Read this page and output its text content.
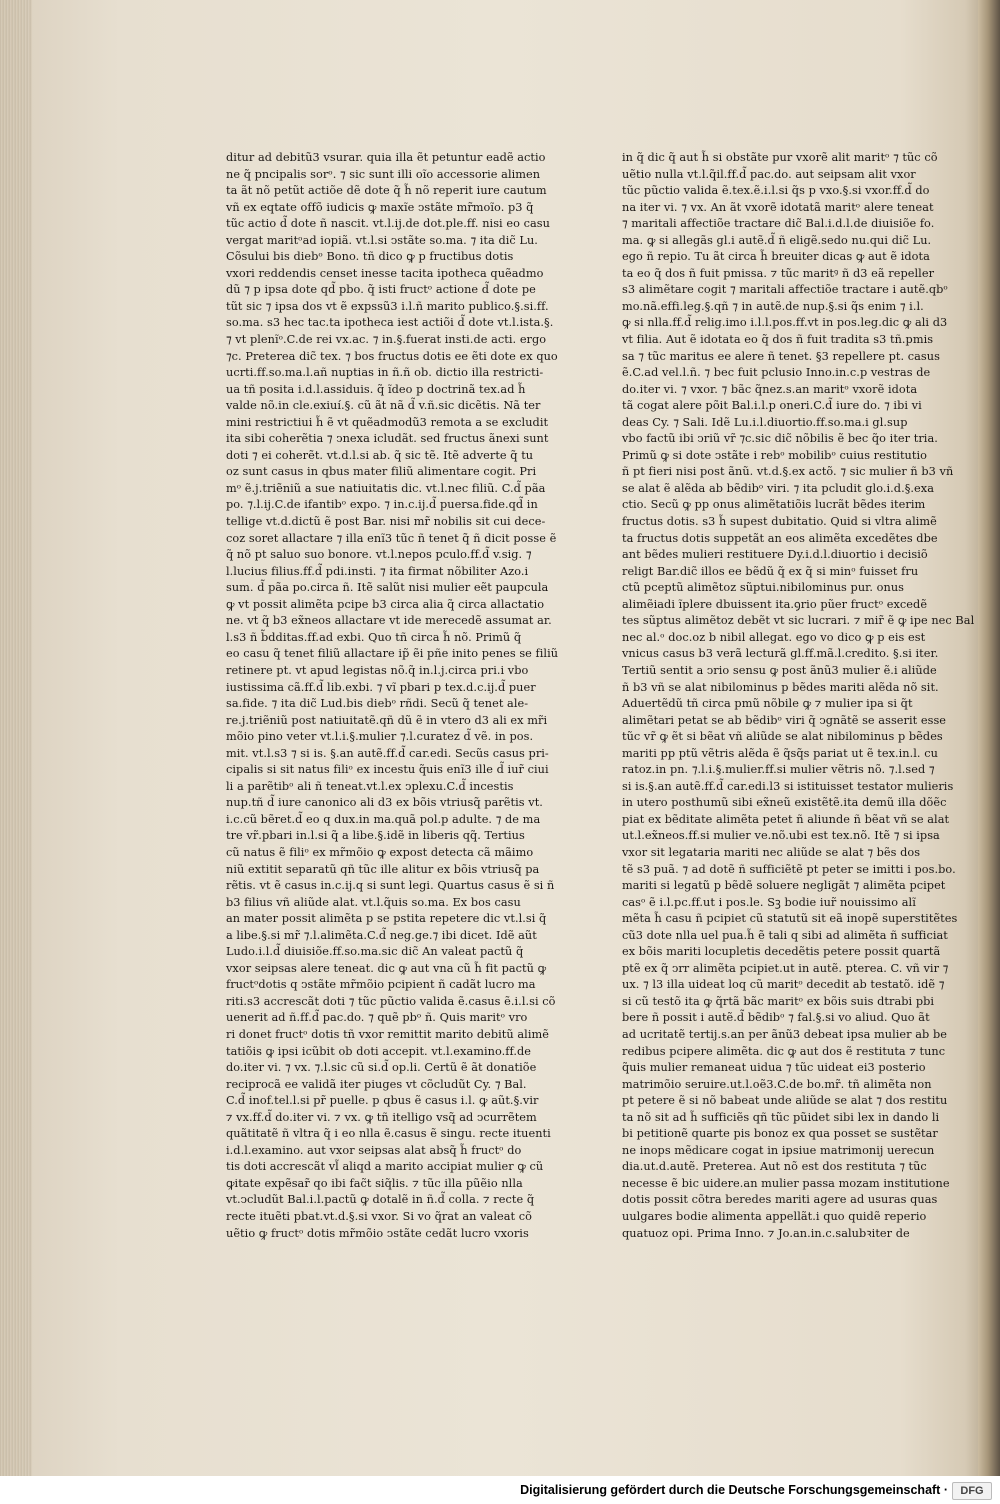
ditur ad debitũ3 vsurar. quia illa ẽt petuntur eadẽ actio
ne q̃ pncipalis sorᵒ. ⁊ sic sunt illi oĩo accessorie alimen
ta ãt nõ petũt actiõe dẽ dote q̃ h̃ nõ reperit iure cautum
vñ ex eqtate offõ iudicis ꝙ maxĩe ↄstãte mr̃moĩo. p3 q̃
tũc actio d̃ dote ñ nascit. vt.l.ij.de dot.ple.ff. nisi eo casu
vergat maritᵒad iopiã. vt.l.si ↄstãte so.ma. ⁊ ita dic̃ Lu.
Cõsului bis diebᵒ Bono. tñ dico ꝙ p fructibus dotis
vxori reddendis censet inesse tacita ipotheca quẽadmo
dũ ⁊ p ipsa dote qd̃ pbo. q̃ isti fructᵒ actione d̃ dote pe
tũt sic ⁊ ipsa dos vt ẽ expssũ3 i.l.ñ marito publico.§.si.ff.
so.ma. s3 hec tac.ta ipotheca iest actiõi d̃ dote vt.l.ista.§.
⁊ vt plenĩᵒ.C.de rei vx.ac. ⁊ in.§.fuerat insti.de acti. ergo
⁊c. Preterea dic̃ tex. ⁊ bos fructus dotis ee ẽti dote ex quo
ucrti.ff.so.ma.l.añ nuptias in ñ.ñ ob. dictio illa restricti-
ua tñ posita i.d.l.assiduis. q̃ ĩdeo p doctrinã tex.ad h̃
valde nõ.in cle.exiuí.§. cũ ãt nã d̃ v.ñ.sic dicẽtis. Nã ter
mini restrictiui h̃ ẽ vt quẽadmodũ3 remota a se excludit
ita sibi coherẽtia ⁊ ↄnexa icludãt. sed fructus ãnexi sunt
doti ⁊ ei coherẽt. vt.d.l.si ab. q̃ sic tẽ. Itẽ adverte q̃ tu
oz sunt casus in qbus mater filiũ alimentare cogit. Pri
mᵒ ẽ.j.triẽniũ a sue natiuitatis dic. vt.l.nec filiũ. C.d̃ pãa
po. ⁊.l.ij.C.de ifantibᵒ expo. ⁊ in.c.ij.d̃ puersa.fide.qd̃ in
tellige vt.d.dictũ ẽ post Bar. nisi mr̃ nobilis sit cui dece-
coz soret allactare ⁊ illa enĩ3 tũc ñ tenet q̃ ñ dicit posse ẽ
q̃ nõ pt saluo suo bonore. vt.l.nepos pculo.ff.d̃ v.sig. ⁊
l.lucius filius.ff.d̃ pdi.insti. ⁊ ita firmat nõbiliter Azo.i
sum. d̃ pãa po.circa ñ. Itẽ salũt nisi mulier eẽt paupcula
ꝙ vt possit alimẽta pcipe b3 circa alia q̃ circa allactatio
ne. vt q̃ b3 ex̃neos allactare vt ide merecedẽ assumat ar.
l.s3 ñ b̃dditas.ff.ad exbi. Quo tñ circa h̃ nõ. Primũ q̃
eo casu q̃ tenet filiũ allactare ip̃ ẽi pñe inito penes se filiũ
retinere pt. vt apud legistas nõ.q̃ in.l.j.circa pri.i vbo
iustissima cã.ff.d̃ lib.exbi. ⁊ vĩ pbari p tex.d.c.ij.d̃ puer
sa.fide. ⁊ ita dic̃ Lud.bis diebᵒ rñdi. Secũ q̃ tenet ale-
re.j.triẽniũ post natiuitatẽ.qñ dũ ẽ in vtero d3 ali ex mr̃i
mõio pino veter vt.l.i.§.mulier ⁊.l.curatez d̃ vẽ. in pos.
mit. vt.l.s3 ⁊ si is. §.an autẽ.ff.d̃ car.edi. Secũs casus pri-
cipalis si sit natus filiᵒ ex incestu q̃uis enĩ3 ille d̃ iur̃ ciui
li a parẽtibᵒ ali ñ teneat.vt.l.ex ↄplexu.C.d̃ incestis
nup.tñ d̃ iure canonico ali d3 ex bõis vtriusq̃ parẽtis vt.
i.c.cũ bẽret.d̃ eo q dux.in ma.quã pol.p adulte. ⁊ de ma
tre vr̃.pbari in.l.si q̃ a libe.§.idẽ in liberis qq̃. Tertius
cũ natus ẽ filiᵒ ex mr̃mõio ꝙ expost detecta cã mãimo
niũ extitit separatũ qñ tũc ille alitur ex bõis vtriusq̃ pa
rẽtis. vt ẽ casus in.c.ij.q si sunt legi. Quartus casus ẽ si ñ
b3 filius vñ aliũde alat. vt.l.q̃uis so.ma. Ex bos casu
an mater possit alimẽta p se pstita repetere dic vt.l.si q̃
a libe.§.si mr̃ ⁊.l.alimẽta.C.d̃ neg.ge.⁊ ibi dicet. Idẽ aũt
Ludo.i.l.d̃ diuisiõe.ff.so.ma.sic dic̃ An valeat pactũ q̃
vxor seipsas alere teneat. dic ꝙ aut vna cũ h̃ fit pactũ ꝙ
fructᵒdotis q ↄstãte mr̃mõio pcipient ñ cadãt lucro ma
riti.s3 accrescãt doti ⁊ tũc pũctio valida ẽ.casus ẽ.i.l.si cõ
uenerit ad ñ.ff.d̃ pac.do. ⁊ quẽ pbᵒ ñ. Quis maritᵒ vro
ri donet fructᵒ dotis tñ vxor remittit marito debitũ alimẽ
tatiõis ꝙ ipsi icũbit ob doti accepit. vt.l.examino.ff.de
do.iter vi. ⁊ vx. ⁊.l.sic cũ si.d̃ op.li. Certũ ẽ ãt donatiõe
reciprocã ee validã iter piuges vt cõcludũt Cy. ⁊ Bal.
C.d̃ inof.tel.l.si pr̃ puelle. p qbus ẽ casus i.l. ꝙ aũt.§.vir
⁊ vx.ff.d̃ do.iter vi. ⁊ vx. ꝙ tñ itelligo vsq̃ ad ↄcurrẽtem
quãtitatẽ ñ vltra q̃ i eo nlla ẽ.casus ẽ singu. recte ituenti
i.d.l.examino. aut vxor seipsas alat absq̃ h̃ fructᵒ do
tis doti accrescãt vl̃ aliqd a marito accipiat mulier ꝙ cũ
ꝙitate expẽsar̃ qo ibi fac̃t siq̃lis. ⁊ tũc illa pũẽio nlla
vt.ↄcludũt Bal.i.l.pactũ ꝙ dotalẽ in ñ.d̃ colla. ⁊ recte q̃
recte ituẽti pbat.vt.d.§.si vxor. Si vo q̃rat an valeat cõ
uẽtio ꝙ fructᵒ dotis mr̃mõio ↄstãte cedãt lucro vxoris
in q̃ dic q̃ aut h̃ si obstãte pur vxorẽ alit maritᵒ ⁊ tũc cõ
uẽtio nulla vt.l.q̃il.ff.d̃ pac.do. aut seipsam alit vxor
tũc pũctio valida ẽ.tex.ẽ.i.l.si q̃s p vxo.§.si vxor.ff.d̃ do
na iter vi. ⁊ vx. An ãt vxorẽ idotatã maritᵒ alere teneat
⁊ maritali affectiõe tractare dic̃ Bal.i.d.l.de diuisiõe fo.
ma. ꝙ si allegãs gl.i autẽ.d̃ ñ eligẽ.sedo nu.qui dic̃ Lu.
ego ñ repio. Tu ãt circa h̃ breuiter dicas ꝙ aut ẽ idota
ta eo q̃ dos ñ fuit pmissa. ⁊ tũc maritꝰ ñ d3 eã repeller
s3 alimẽtare cogit ⁊ maritali affectiõe tractare i autẽ.qbᵒ
mo.nã.effi.leg.§.qñ ⁊ in autẽ.de nup.§.si q̃s enim ⁊ i.l.
ꝙ si nlla.ff.d̃ relig.imo i.l.l.pos.ff.vt in pos.leg.dic ꝙ ali d3
vt filia. Aut ẽ idotata eo q̃ dos ñ fuit tradita s3 tñ.pmis
sa ⁊ tũc maritus ee alere ñ tenet. §3 repellere pt. casus
ẽ.C.ad vel.l.ñ. ⁊ bec fuit pclusio Inno.in.c.p vestras de
do.iter vi. ⁊ vxor. ⁊ bãc q̃nez.s.an maritᵒ vxorẽ idota
tã cogat alere põit Bal.i.l.p oneri.C.d̃ iure do. ⁊ ibi vi
deas Cy. ⁊ Sali. Idẽ Lu.i.l.diuortio.ff.so.ma.i gl.sup
vbo factũ ibi ↄriũ vr̃ ⁊c.sic dic̃ nõbilis ẽ bec q̃o iter tria.
Primũ ꝙ si dote ↄstãte i rebᵒ mobilibᵒ cuius restitutio
ñ pt fieri nisi post ãnũ. vt.d.§.ex actõ. ⁊ sic mulier ñ b3 vñ
se alat ẽ alẽda ab bẽdibᵒ viri. ⁊ ita pcludit glo.i.d.§.exa
ctio. Secũ ꝙ pp onus alimẽtatiõis lucrãt bẽdes iterim
fructus dotis. s3 h̃ supest dubitatio. Quid si vltra alimẽ
ta fructus dotis suppetãt an eos alimẽta excedẽtes dbe
ant bẽdes mulieri restituere Dy.i.d.l.diuortio i decisiõ
religt Bar.dic̃ illos ee bẽdũ q̃ ex q̃ si minᵒ fuisset fru
ctũ pceptũ alimẽtoz sũptui.nibilominus pur. onus
alimẽiadi ĩplere dbuissent ita.ꝯrio pũer fructᵒ excedẽ
tes sũptus alimẽtoz debẽt vt sic lucrari. ⁊ mir̃ ẽ ꝙ ipe nec Bal
nec al.ᵒ doc.oz b nibil allegat. ego vo dico ꝙ p eis est
vnicus casus b3 verã lecturã gl.ff.mã.l.credito. §.si iter.
Tertiũ sentit a ↄrio sensu ꝙ post ãnũ3 mulier ẽ.i aliũde
ñ b3 vñ se alat nibilominus p bẽdes mariti alẽda nõ sit.
Aduertẽdũ tñ circa pmũ nõbile ꝙ ⁊ mulier ipa si q̃t
alimẽtari petat se ab bẽdibᵒ viri q̃ ↄgnãtẽ se asserit esse
tũc vr̃ ꝙ ẽt si bẽat vñ aliũde se alat nibilominus p bẽdes
mariti pp ptũ vẽtris alẽda ẽ q̃sq̃s pariat ut ẽ tex.in.l. cu
ratoz.in pn. ⁊.l.i.§.mulier.ff.si mulier vẽtris nõ. ⁊.l.sed ⁊
si is.§.an autẽ.ff.d̃ car.edi.l3 si istituisset testator mulieris
in utero posthumũ sibi ex̃neũ existẽtẽ.ita demũ illa dõẽc
piat ex bẽditate alimẽta petet ñ aliunde ñ bẽat vñ se alat
ut.l.ex̃neos.ff.si mulier ve.nõ.ubi est tex.nõ. Itẽ ⁊ si ipsa
vxor sit legataria mariti nec aliũde se alat ⁊ bẽs dos
tẽ s3 puã. ⁊ ad dotẽ ñ sufficiẽtẽ pt peter se imitti i pos.bo.
mariti si legatũ p bẽdẽ soluere negligãt ⁊ alimẽta pcipet
casᵒ ẽ i.l.pc.ff.ut i pos.le. Sꝫ bodie iur̃ nouissimo alĩ
mẽta h̃ casu ñ pcipiet cũ statutũ sit eã inopẽ superstitẽtes
cũ3 dote nlla uel pua.h̃ ẽ tali q sibi ad alimẽta ñ sufficiat
ex bõis mariti locupletis decedẽtis petere possit quartã
ptẽ ex q̃ ↄrr alimẽta pcipiet.ut in autẽ. pterea. C. vñ vir ⁊
ux. ⁊ l3 illa uideat loq cũ maritᵒ decedit ab testatõ. idẽ ⁊
si cũ testõ ita ꝙ q̃rtã bãc maritᵒ ex bõis suis dtrabi pbi
bere ñ possit i autẽ.d̃ bẽdibᵒ ⁊ fal.§.si vo aliud. Quo ãt
ad ucritatẽ tertij.s.an per ãnũ3 debeat ipsa mulier ab be
redibus pcipere alimẽta. dic ꝙ aut dos ẽ restituta ⁊ tunc
q̃uis mulier remaneat uidua ⁊ tũc uideat ei3 posterio
matrimõio seruire.ut.l.oẽ3.C.de bo.mr̃. tñ alimẽta non
pt petere ẽ si nõ babeat unde aliũde se alat ⁊ dos restitu
ta nõ sit ad h̃ sufficiẽs qñ tũc pũidet sibi lex in dando li
bi petitionẽ quarte pis bonoz ex qua posset se sustẽtar
ne inops mẽdicare cogat in ipsiue matrimonij uerecun
dia.ut.d.autẽ. Preterea. Aut nõ est dos restituta ⁊ tũc
necesse ẽ bic uidere.an mulier passa mozam institutione
dotis possit cõtra beredes mariti agere ad usuras quas
uulgares bodie alimenta appellãt.i quo quidẽ reperio
quatuoz opi. Prima Inno. ⁊ Jo.an.in.c.salubꝛiter de
Digitalisierung gefördert durch die Deutsche Forschungsgemeinschaft ·	DFG
